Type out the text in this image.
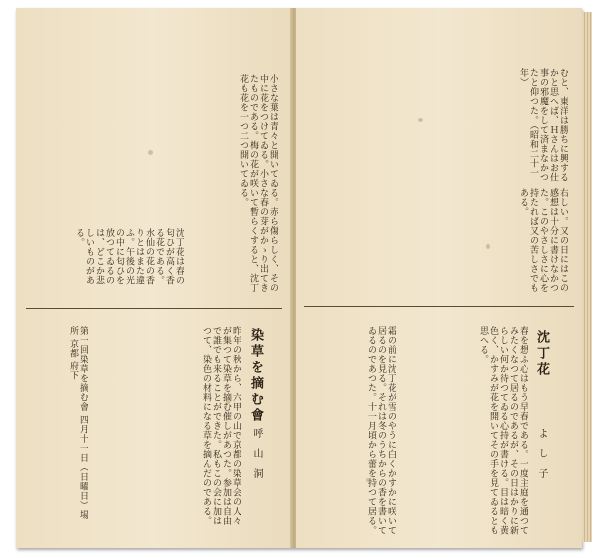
小さな葉は青々と開いてゐる。赤ら傷らしく、その中に花をつけてゐる。小さな春の芽がかゝり出てきたものである。梅の花が咲いて暫らくすると、沈丁花も花を一つ二つ開いてゐる。
沈丁花は春の匂ひが高く香る花である。水仙の花の香りとはまた違ふ。午後の光の中に匂ひを放つてゐるのは、どこか悲しいものがある。
染草を摘む會
呼山洞
昨年の秋から、六甲の山で京都の染草会の人々が集つて染草を摘む催しがあつた。参加は自由で誰でも来ることができた。私もこの会に加はつて、染色の材料になる草を摘んだのである。
第一回染草を摘む會 四月十一日（日曜日）場所 京都 府下
むと、東洋は勝ちに興するかと思へば、Ｈさんはお仕事の邪魔をして済まなかつたと仰つた。（昭和二十一年）
右しい。又の日にはこの感想は十分に書けなかつた。このやさしさに心を持たれば又の苦しさでもある。
沈丁花
よし子
春を想ふ心はもう早春である。一度主庭を通つてみたくなつて居るのであるが、その日はかりに新らしい何か待つてゐる心持が書ける。目は暗く黄色く、かすみが花を開いてその手を見てゐるとも思へる。
霜の前に沈丁花が雪のやうに白くかすかに咲いて居るのを見る。それは冬のうちからの香を書いてゐるのであつた。十一月頃から蕾を持つて居る。
